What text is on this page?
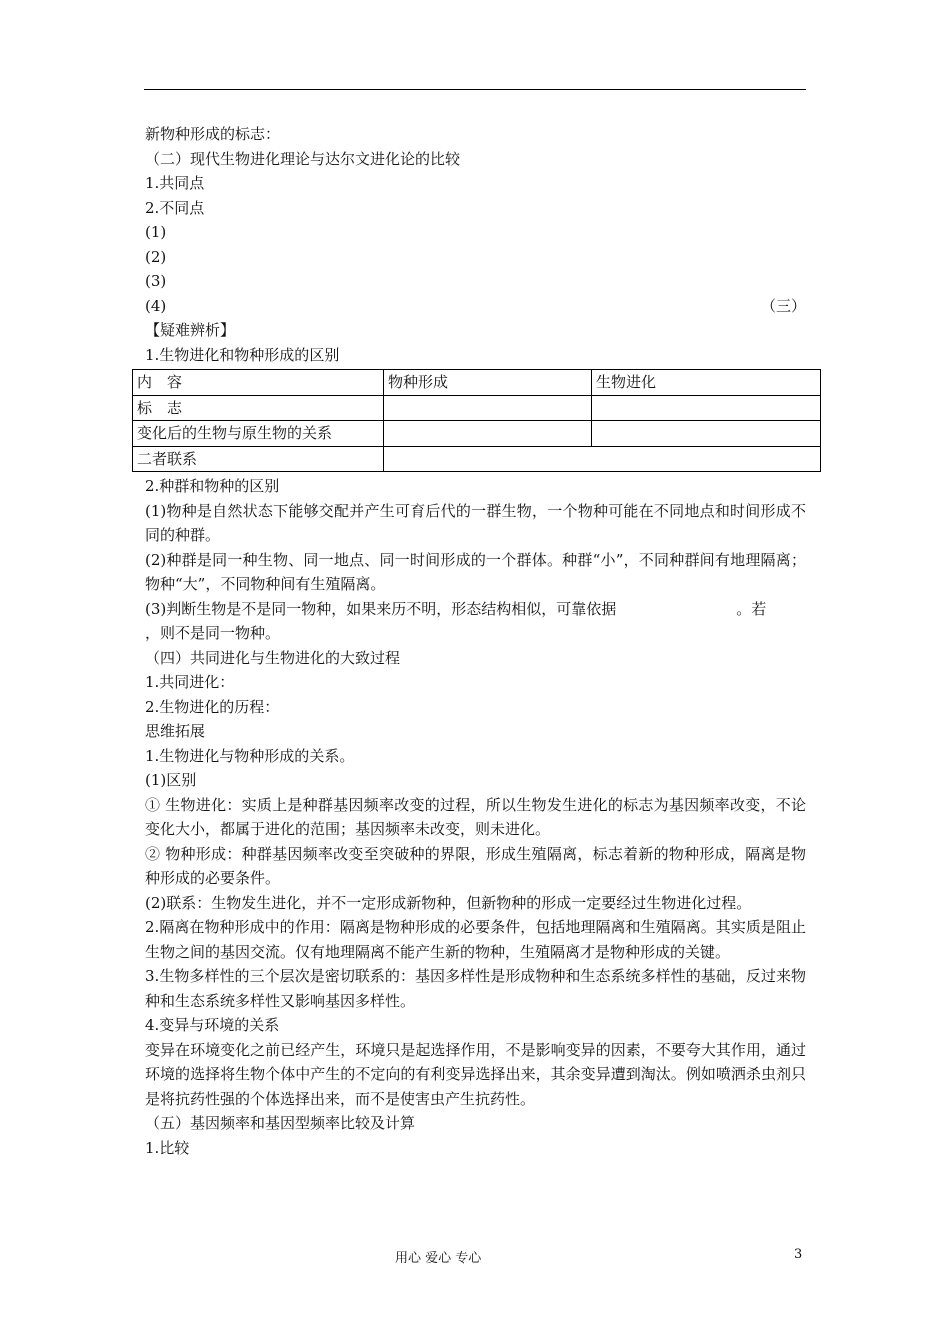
新物种形成的标志：
（二）现代生物进化理论与达尔文进化论的比较
1.共同点
2.不同点
(1)
(2)
(3)
(4)	（三）
【疑难辨析】
1.生物进化和物种形成的区别
内　容	物种形成	生物进化
标　志		
变化后的生物与原生物的关系		
二者联系		
2.种群和物种的区别
(1)物种是自然状态下能够交配并产生可育后代的一群生物，一个物种可能在不同地点和时间形成不同的种群。
(2)种群是同一种生物、同一地点、同一时间形成的一个群体。种群“小”，不同种群间有地理隔离；物种“大”，不同物种间有生殖隔离。
(3)判断生物是不是同一物种，如果来历不明，形态结构相似，可靠依据	。若
，则不是同一物种。
（四）共同进化与生物进化的大致过程
1.共同进化：
2.生物进化的历程：
思维拓展
1.生物进化与物种形成的关系。
(1)区别
① 生物进化：实质上是种群基因频率改变的过程，所以生物发生进化的标志为基因频率改变，不论变化大小，都属于进化的范围；基因频率未改变，则未进化。
② 物种形成：种群基因频率改变至突破种的界限，形成生殖隔离，标志着新的物种形成，隔离是物种形成的必要条件。
(2)联系：生物发生进化，并不一定形成新物种，但新物种的形成一定要经过生物进化过程。
2.隔离在物种形成中的作用：隔离是物种形成的必要条件，包括地理隔离和生殖隔离。其实质是阻止生物之间的基因交流。仅有地理隔离不能产生新的物种，生殖隔离才是物种形成的关键。
3.生物多样性的三个层次是密切联系的：基因多样性是形成物种和生态系统多样性的基础，反过来物种和生态系统多样性又影响基因多样性。
4.变异与环境的关系
变异在环境变化之前已经产生，环境只是起选择作用，不是影响变异的因素，不要夸大其作用，通过环境的选择将生物个体中产生的不定向的有利变异选择出来，其余变异遭到淘汰。例如喷洒杀虫剂只是将抗药性强的个体选择出来，而不是使害虫产生抗药性。
（五）基因频率和基因型频率比较及计算
1.比较
用心 爱心 专心	3
